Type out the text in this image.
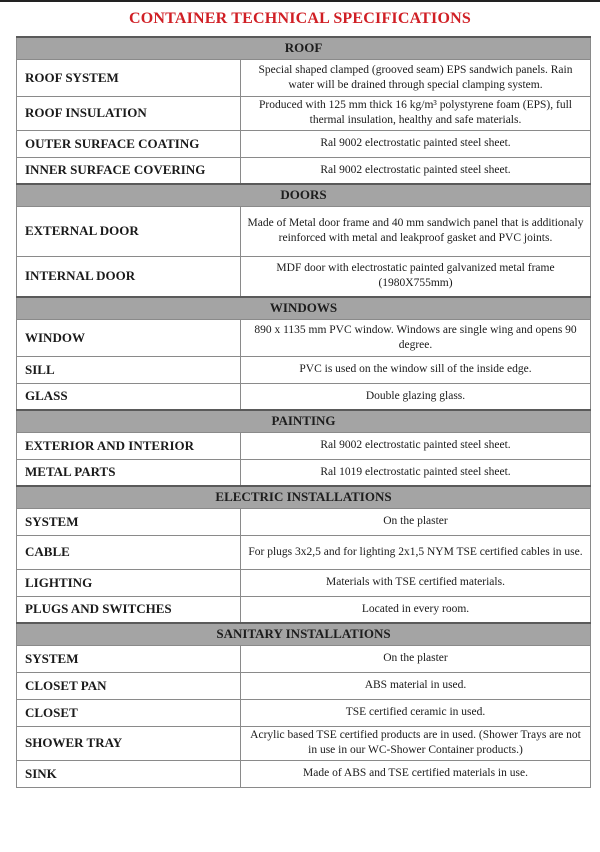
CONTAINER TECHNICAL SPECIFICATIONS
ROOF	
ROOF SYSTEM	Special shaped clamped (grooved seam) EPS sandwich panels. Rain water will be drained through special clamping system.
ROOF INSULATION	Produced with 125 mm thick 16 kg/m³ polystyrene foam (EPS), full thermal insulation, healthy and safe materials.
OUTER SURFACE COATING	Ral 9002 electrostatic painted steel sheet.
INNER SURFACE COVERING	Ral 9002 electrostatic painted steel sheet.
DOORS	
EXTERNAL DOOR	Made of Metal door frame and 40 mm sandwich panel that is additionaly reinforced with metal and leakproof gasket and PVC joints.
INTERNAL DOOR	MDF door with electrostatic painted galvanized metal frame (1980X755mm)
WINDOWS	
WINDOW	890 x 1135 mm PVC window. Windows are single wing and opens 90 degree.
SILL	PVC is used on the window sill of the inside edge.
GLASS	Double glazing glass.
PAINTING	
EXTERIOR AND INTERIOR	Ral 9002 electrostatic painted steel sheet.
METAL PARTS	Ral 1019 electrostatic painted steel sheet.
ELECTRIC INSTALLATIONS	
SYSTEM	On the plaster
CABLE	For plugs 3x2,5 and for lighting 2x1,5 NYM TSE certified cables in use.
LIGHTING	Materials with TSE certified materials.
PLUGS AND SWITCHES	Located in every room.
SANITARY INSTALLATIONS	
SYSTEM	On the plaster
CLOSET PAN	ABS material in used.
CLOSET	TSE certified ceramic in used.
SHOWER TRAY	Acrylic based TSE certified products are in used. (Shower Trays are not in use in our WC-Shower Container products.)
SINK	Made of ABS and TSE certified materials in use.
